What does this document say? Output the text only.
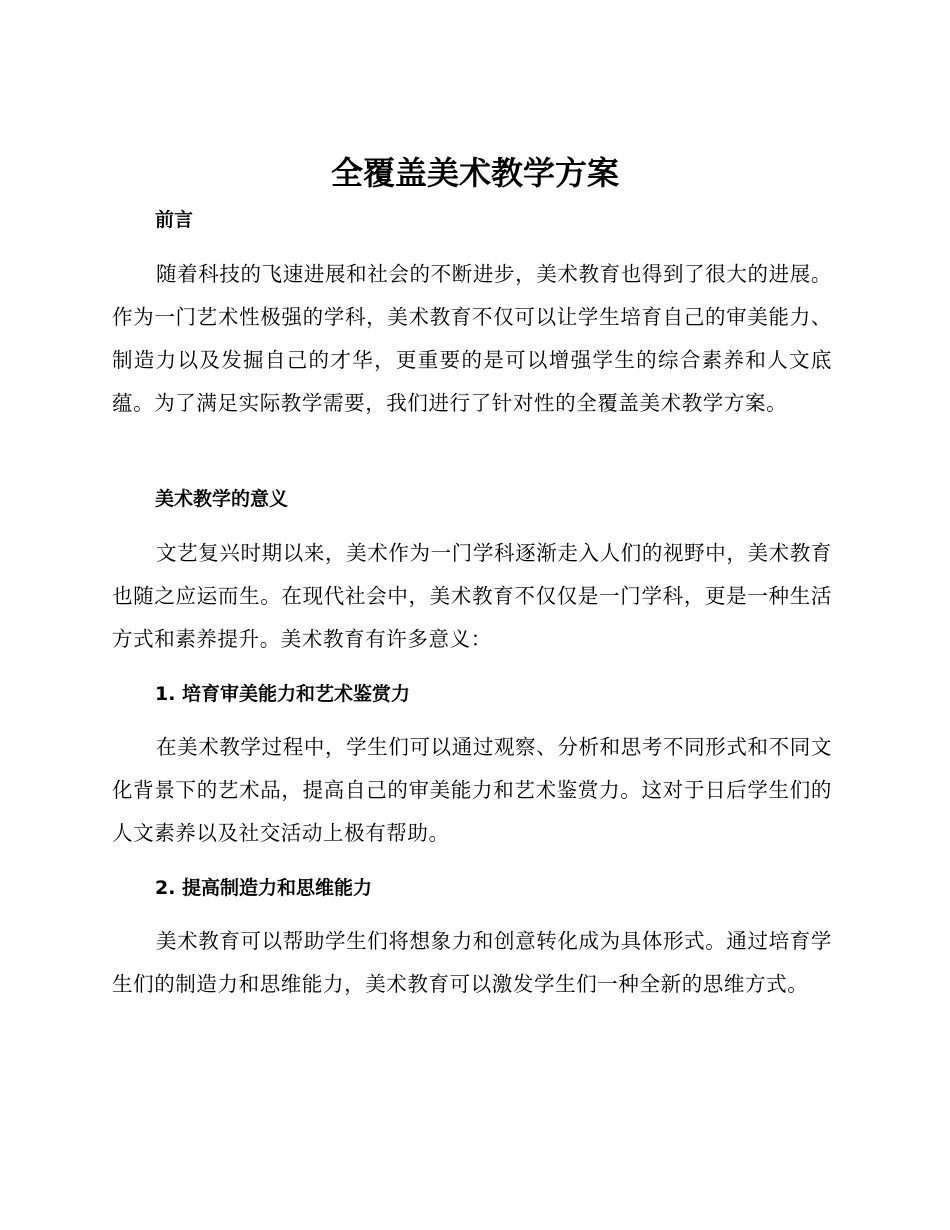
全覆盖美术教学方案
前言

随着科技的飞速进展和社会的不断进步，美术教育也得到了很大的进展。作为一门艺术性极强的学科，美术教育不仅可以让学生培育自己的审美能力、制造力以及发掘自己的才华，更重要的是可以增强学生的综合素养和人文底蕴。为了满足实际教学需要，我们进行了针对性的全覆盖美术教学方案。

美术教学的意义

文艺复兴时期以来，美术作为一门学科逐渐走入人们的视野中，美术教育也随之应运而生。在现代社会中，美术教育不仅仅是一门学科，更是一种生活方式和素养提升。美术教育有许多意义：

1. 培育审美能力和艺术鉴赏力

在美术教学过程中，学生们可以通过观察、分析和思考不同形式和不同文化背景下的艺术品，提高自己的审美能力和艺术鉴赏力。这对于日后学生们的人文素养以及社交活动上极有帮助。

2. 提高制造力和思维能力

美术教育可以帮助学生们将想象力和创意转化成为具体形式。通过培育学生们的制造力和思维能力，美术教育可以激发学生们一种全新的思维方式。
